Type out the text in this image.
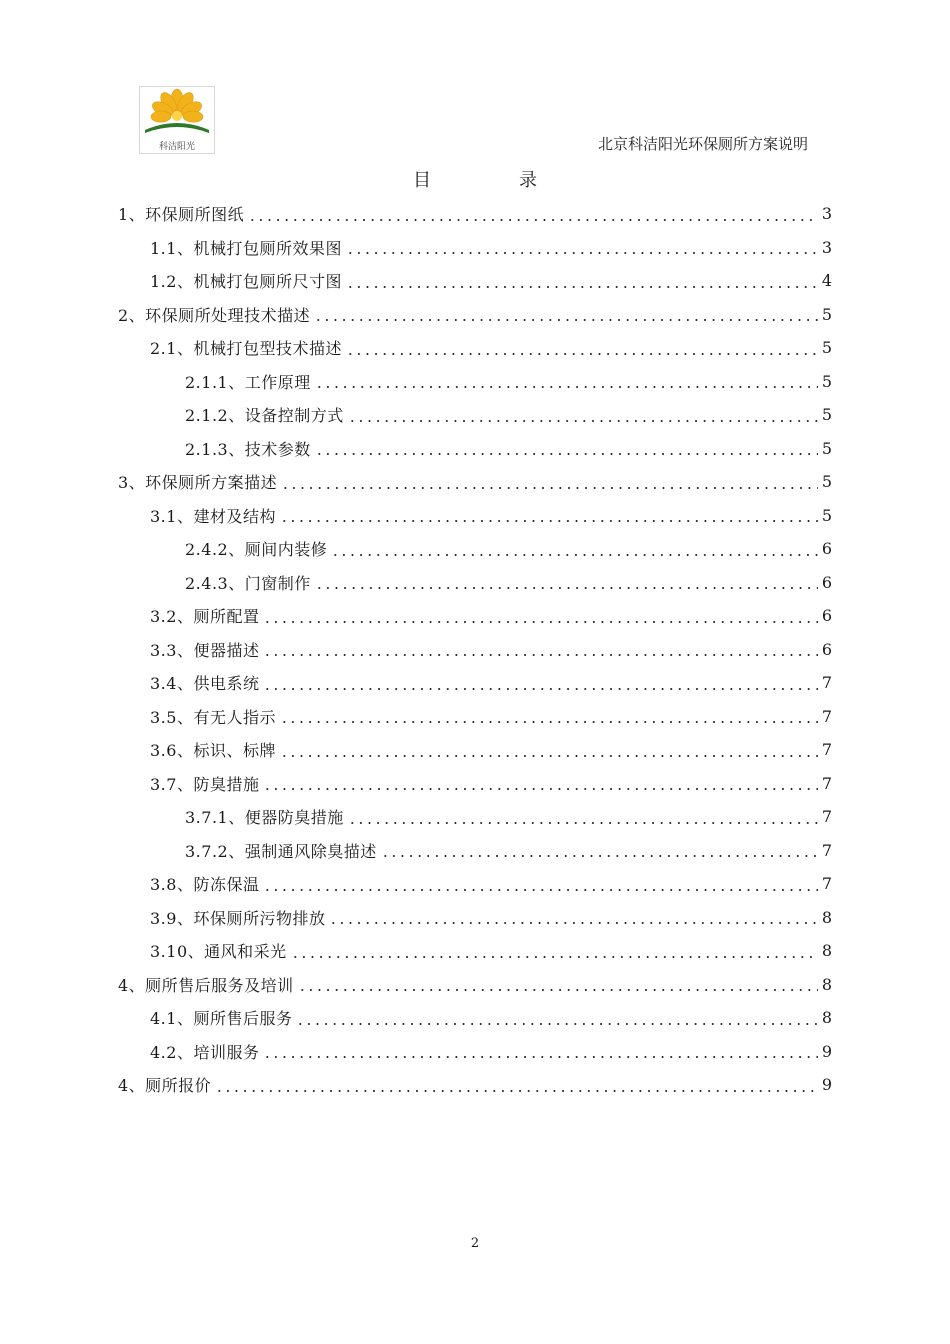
科洁阳光	北京科洁阳光环保厕所方案说明
目	录
1、环保厕所图纸	3
1.1、机械打包厕所效果图	3
1.2、机械打包厕所尺寸图	4
2、环保厕所处理技术描述	5
2.1、机械打包型技术描述	5
2.1.1、工作原理	5
2.1.2、设备控制方式	5
2.1.3、技术参数	5
3、环保厕所方案描述	5
3.1、建材及结构	5
2.4.2、厕间内装修	6
2.4.3、门窗制作	6
3.2、厕所配置	6
3.3、便器描述	6
3.4、供电系统	7
3.5、有无人指示	7
3.6、标识、标牌	7
3.7、防臭措施	7
3.7.1、便器防臭措施	7
3.7.2、强制通风除臭描述	7
3.8、防冻保温	7
3.9、环保厕所污物排放	8
3.10、通风和采光	8
4、厕所售后服务及培训	8
4.1、厕所售后服务	8
4.2、培训服务	9
4、厕所报价	9
2
